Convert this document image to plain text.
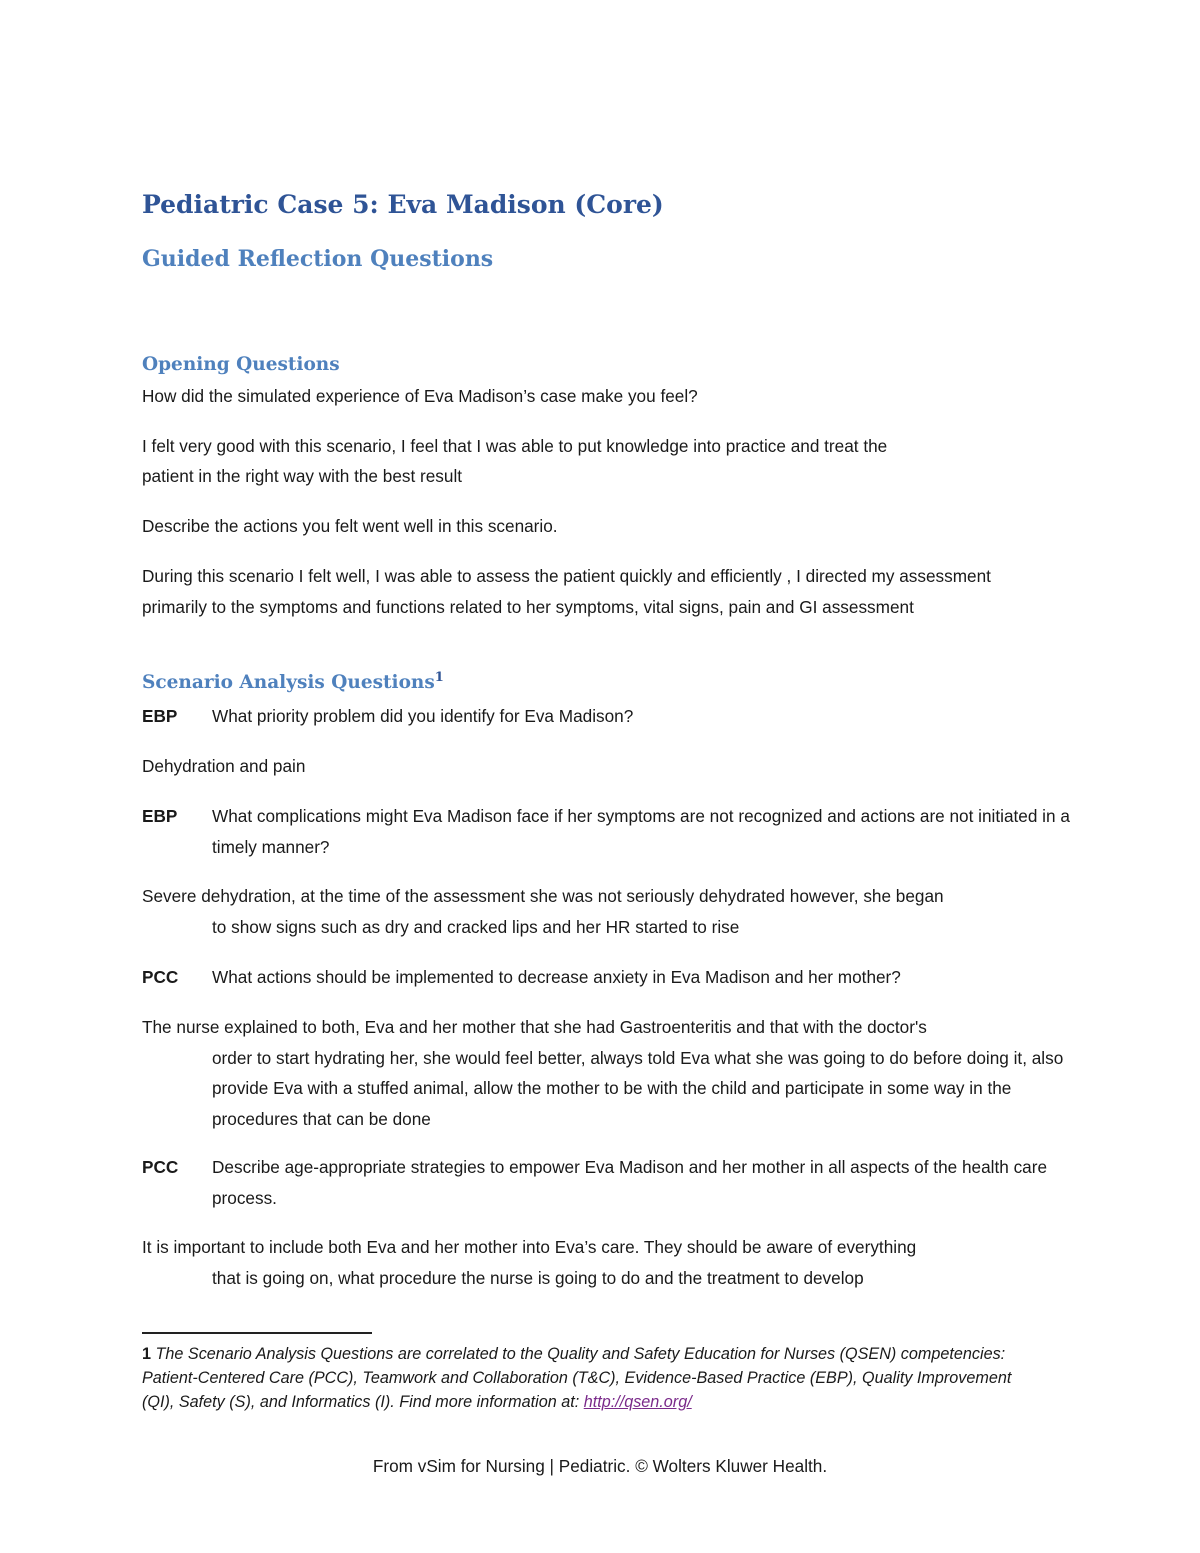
Pediatric Case 5: Eva Madison (Core)
Guided Reflection Questions
Opening Questions
How did the simulated experience of Eva Madison’s case make you feel?
I felt very good with this scenario, I feel that I was able to put knowledge into practice and treat the
patient in the right way with the best result
Describe the actions you felt went well in this scenario.
During this scenario I felt well, I was able to assess the patient quickly and efficiently , I directed my assessment primarily to the symptoms and functions related to her symptoms, vital signs, pain and GI assessment
Scenario Analysis Questions$^1$
EBP What priority problem did you identify for Eva Madison?
Dehydration and pain
EBP What complications might Eva Madison face if her symptoms are not recognized and actions are not initiated in a timely manner?
Severe dehydration, at the time of the assessment she was not seriously dehydrated however, she began
to show signs such as dry and cracked lips and her HR started to rise
PCC What actions should be implemented to decrease anxiety in Eva Madison and her mother?
The nurse explained to both, Eva and her mother that she had Gastroenteritis and that with the doctor's
order to start hydrating her, she would feel better, always told Eva what she was going to do before doing it, also provide Eva with a stuffed animal, allow the mother to be with the child and participate in some way in the procedures that can be done
PCC Describe age-appropriate strategies to empower Eva Madison and her mother in all aspects of the health care process.
It is important to include both Eva and her mother into Eva’s care. They should be aware of everything
that is going on, what procedure the nurse is going to do and the treatment to develop
1 The Scenario Analysis Questions are correlated to the Quality and Safety Education for Nurses (QSEN) competencies: Patient-Centered Care (PCC), Teamwork and Collaboration (T&C), Evidence-Based Practice (EBP), Quality Improvement (QI), Safety (S), and Informatics (I). Find more information at: http://qsen.org/
From vSim for Nursing | Pediatric. © Wolters Kluwer Health.
